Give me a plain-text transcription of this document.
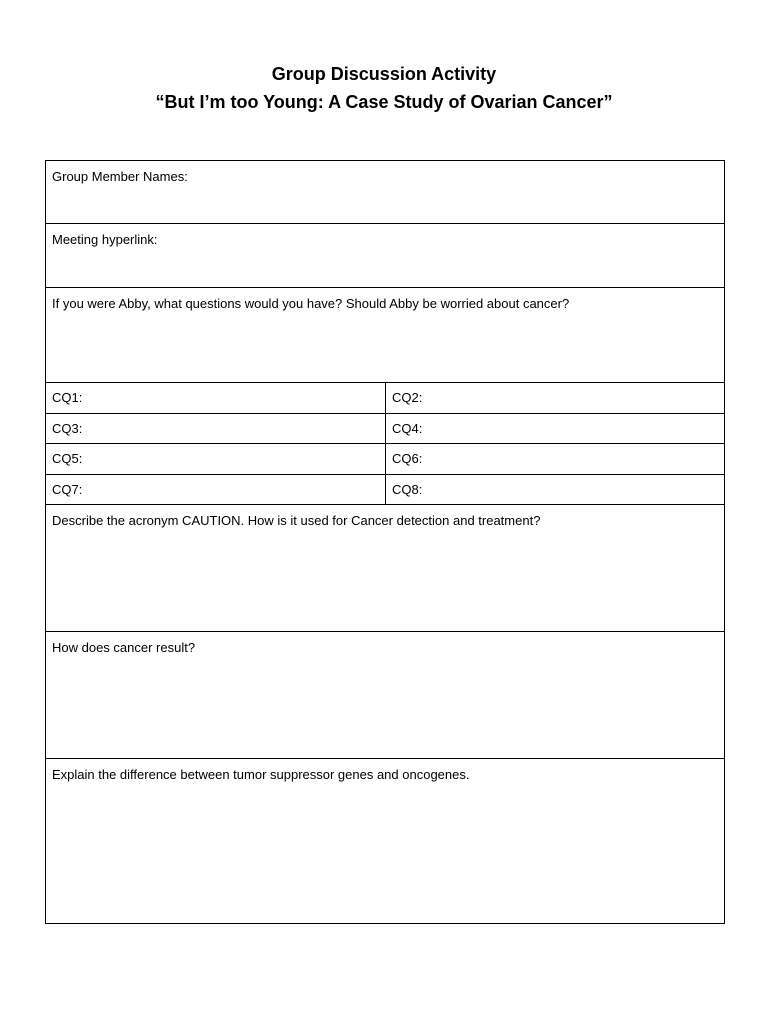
Group Discussion Activity

“But I’m too Young: A Case Study of Ovarian Cancer”

Group Member Names:	
Meeting hyperlink:	
If you were Abby, what questions would you have? Should Abby be worried about cancer?	
CQ1:	CQ2:
CQ3:	CQ4:
CQ5:	CQ6:
CQ7:	CQ8:
Describe the acronym CAUTION. How is it used for Cancer detection and treatment?	
How does cancer result?	
Explain the difference between tumor suppressor genes and oncogenes.	
